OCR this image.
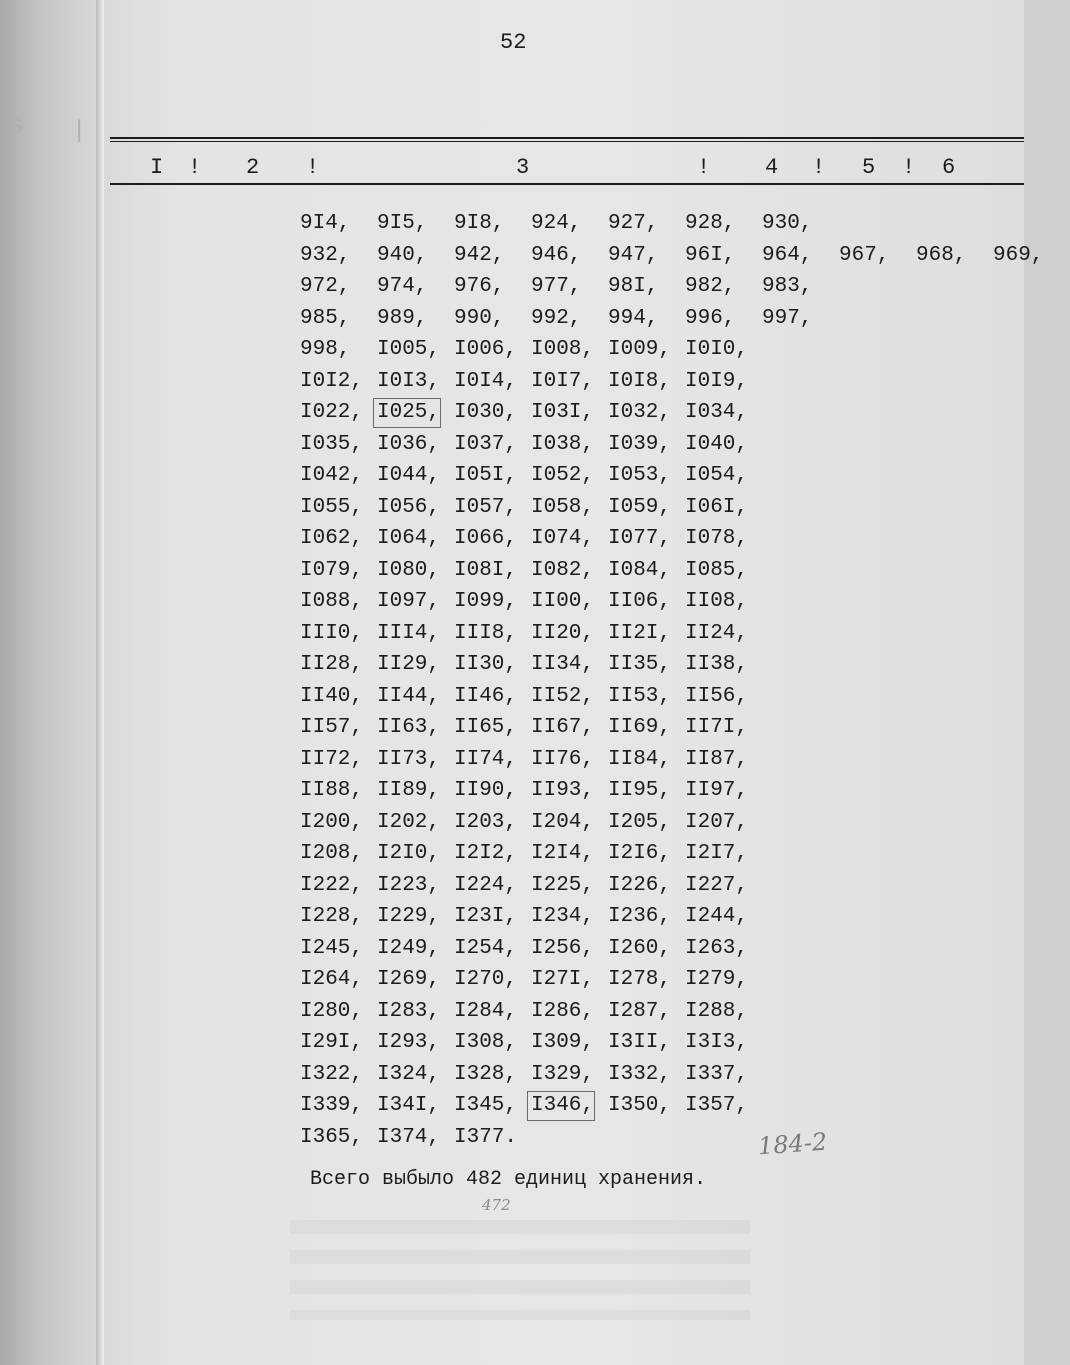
ʂ |
52
I ! 2 !	3	! 4 ! 5 ! 6
9I4, 9I5, 9I8, 924, 927, 928, 930,
932, 940, 942, 946, 947, 96I, 964, 967, 968, 969,
972, 974, 976, 977, 98I, 982, 983,
985, 989, 990, 992, 994, 996, 997,
998, I005, I006, I008, I009, I0I0,
I0I2, I0I3, I0I4, I0I7, I0I8, I0I9,
I022, I025, I030, I03I, I032, I034,
I035, I036, I037, I038, I039, I040,
I042, I044, I05I, I052, I053, I054,
I055, I056, I057, I058, I059, I06I,
I062, I064, I066, I074, I077, I078,
I079, I080, I08I, I082, I084, I085,
I088, I097, I099, II00, II06, II08,
III0, III4, III8, II20, II2I, II24,
II28, II29, II30, II34, II35, II38,
II40, II44, II46, II52, II53, II56,
II57, II63, II65, II67, II69, II7I,
II72, II73, II74, II76, II84, II87,
II88, II89, II90, II93, II95, II97,
I200, I202, I203, I204, I205, I207,
I208, I2I0, I2I2, I2I4, I2I6, I2I7,
I222, I223, I224, I225, I226, I227,
I228, I229, I23I, I234, I236, I244,
I245, I249, I254, I256, I260, I263,
I264, I269, I270, I27I, I278, I279,
I280, I283, I284, I286, I287, I288,
I29I, I293, I308, I309, I3II, I3I3,
I322, I324, I328, I329, I332, I337,
I339, I34I, I345, I346, I350, I357,
I365, I374, I377.
Всего выбыло 482 единиц хранения.
184-2
472
